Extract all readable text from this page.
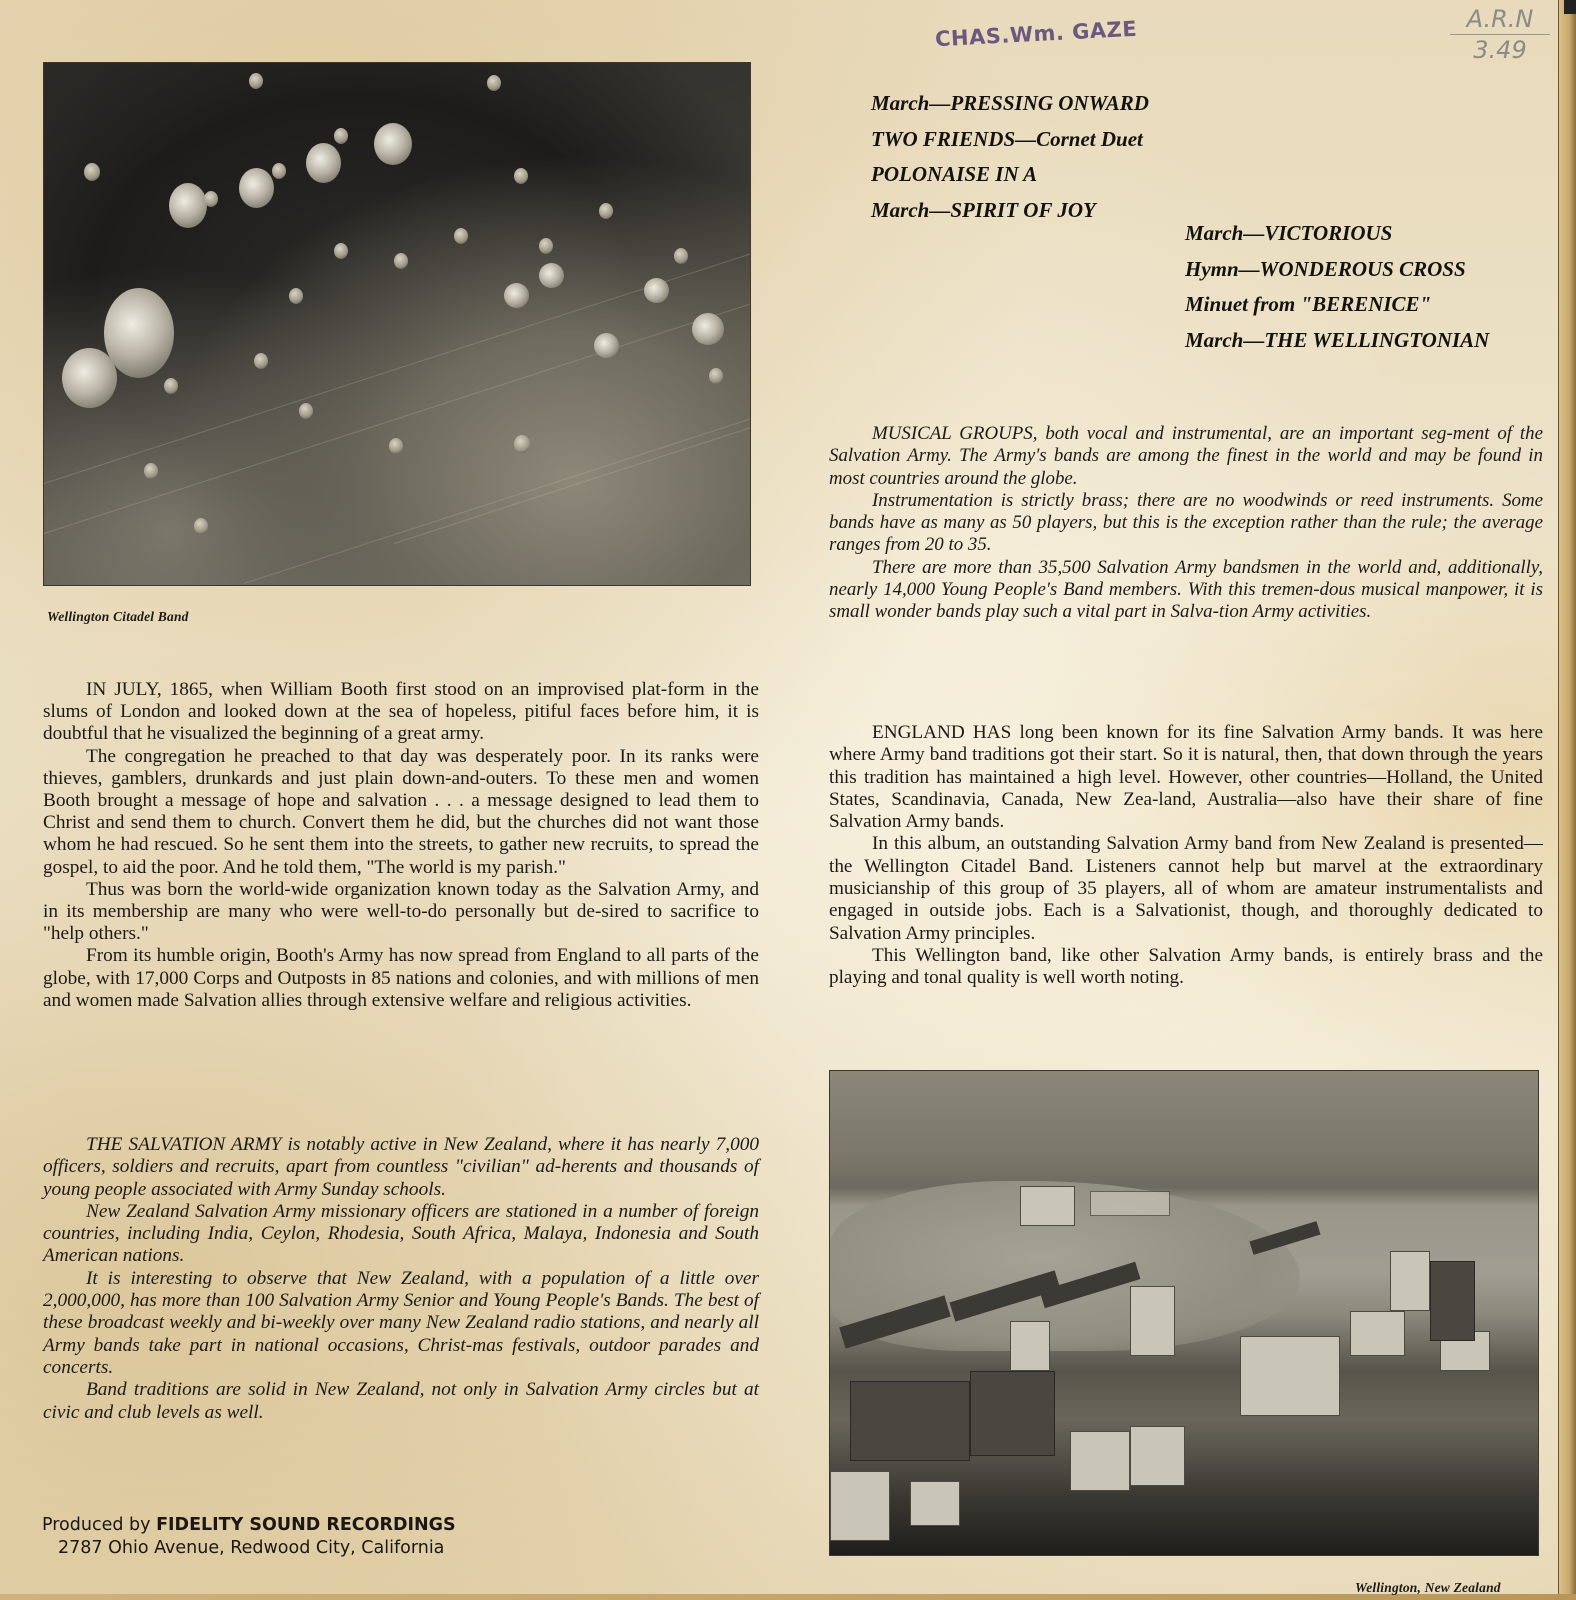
CHAS.Wm. GAZE	A.R.N
3.49
Wellington Citadel Band
March—PRESSING ONWARD
TWO FRIENDS—Cornet Duet
POLONAISE IN A
March—SPIRIT OF JOY
March—VICTORIOUS
Hymn—WONDEROUS CROSS
Minuet from "BERENICE"
March—THE WELLINGTONIAN

MUSICAL GROUPS, both vocal and instrumental, are an important seg-ment of the Salvation Army. The Army's bands are among the finest in the world and may be found in most countries around the globe.

Instrumentation is strictly brass; there are no woodwinds or reed instruments. Some bands have as many as 50 players, but this is the exception rather than the rule; the average ranges from 20 to 35.

There are more than 35,500 Salvation Army bandsmen in the world and, additionally, nearly 14,000 Young People's Band members. With this tremen-dous musical manpower, it is small wonder bands play such a vital part in Salva-tion Army activities.

IN JULY, 1865, when William Booth first stood on an improvised plat-form in the slums of London and looked down at the sea of hopeless, pitiful faces before him, it is doubtful that he visualized the beginning of a great army.

The congregation he preached to that day was desperately poor. In its ranks were thieves, gamblers, drunkards and just plain down-and-outers. To these men and women Booth brought a message of hope and salvation . . . a message designed to lead them to Christ and send them to church. Convert them he did, but the churches did not want those whom he had rescued. So he sent them into the streets, to gather new recruits, to spread the gospel, to aid the poor. And he told them, "The world is my parish."

Thus was born the world-wide organization known today as the Salvation Army, and in its membership are many who were well-to-do personally but de-sired to sacrifice to "help others."

From its humble origin, Booth's Army has now spread from England to all parts of the globe, with 17,000 Corps and Outposts in 85 nations and colonies, and with millions of men and women made Salvation allies through extensive welfare and religious activities.

ENGLAND HAS long been known for its fine Salvation Army bands. It was here where Army band traditions got their start. So it is natural, then, that down through the years this tradition has maintained a high level. However, other countries—Holland, the United States, Scandinavia, Canada, New Zea-land, Australia—also have their share of fine Salvation Army bands.

In this album, an outstanding Salvation Army band from New Zealand is presented—the Wellington Citadel Band. Listeners cannot help but marvel at the extraordinary musicianship of this group of 35 players, all of whom are amateur instrumentalists and engaged in outside jobs. Each is a Salvationist, though, and thoroughly dedicated to Salvation Army principles.

This Wellington band, like other Salvation Army bands, is entirely brass and the playing and tonal quality is well worth noting.

THE SALVATION ARMY is notably active in New Zealand, where it has nearly 7,000 officers, soldiers and recruits, apart from countless "civilian" ad-herents and thousands of young people associated with Army Sunday schools.

New Zealand Salvation Army missionary officers are stationed in a number of foreign countries, including India, Ceylon, Rhodesia, South Africa, Malaya, Indonesia and South American nations.

It is interesting to observe that New Zealand, with a population of a little over 2,000,000, has more than 100 Salvation Army Senior and Young People's Bands. The best of these broadcast weekly and bi-weekly over many New Zealand radio stations, and nearly all Army bands take part in national occasions, Christ-mas festivals, outdoor parades and concerts.

Band traditions are solid in New Zealand, not only in Salvation Army circles but at civic and club levels as well.

Wellington, New Zealand
Produced by FIDELITY SOUND RECORDINGS
2787 Ohio Avenue, Redwood City, California
